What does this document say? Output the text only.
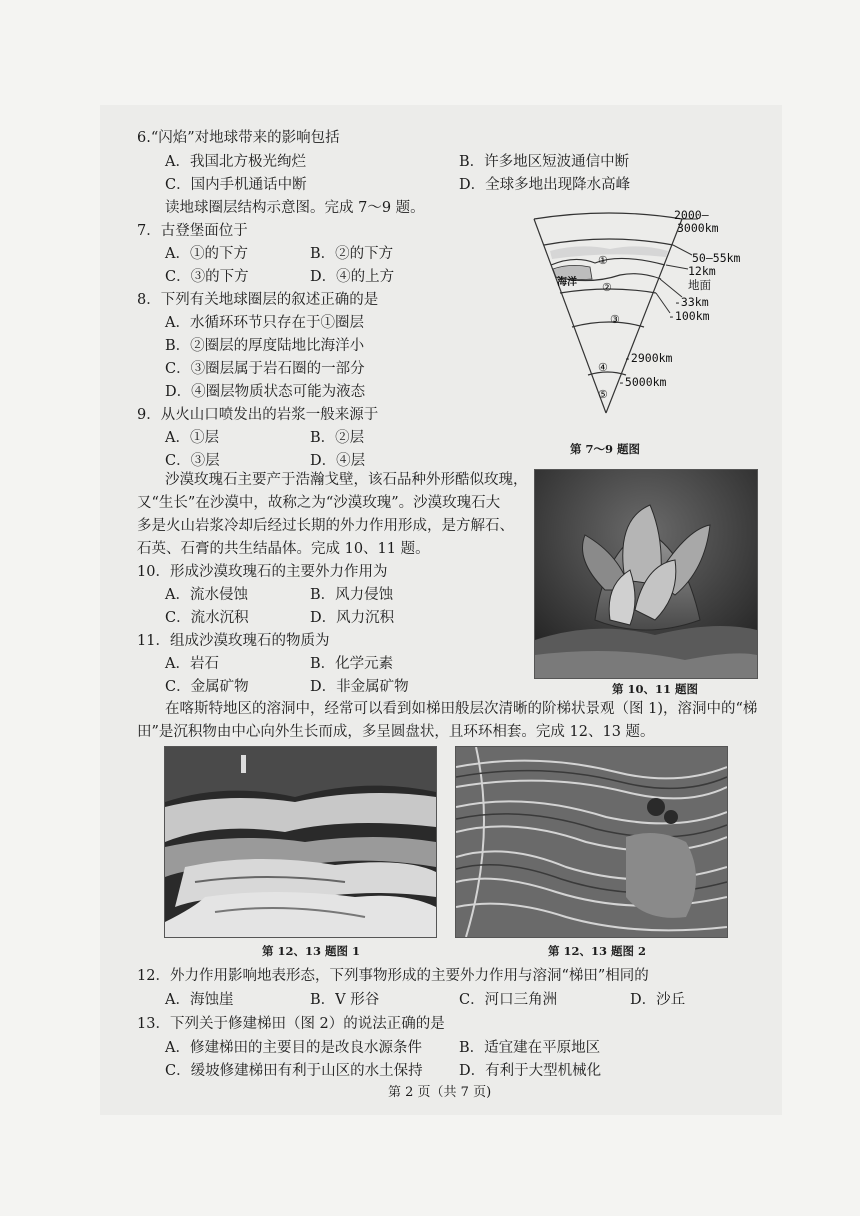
6.“闪焰”对地球带来的影响包括
A．我国北方极光绚烂	B．许多地区短波通信中断
C．国内手机通话中断	D．全球多地出现降水高峰
读地球圈层结构示意图。完成 7～9 题。
7．古登堡面位于
A．①的下方	B．②的下方
C．③的下方	D．④的上方
8．下列有关地球圈层的叙述正确的是
A．水循环环节只存在于①圈层
B．②圈层的厚度陆地比海洋小
C．③圈层属于岩石圈的一部分
D．④圈层物质状态可能为液态
9．从火山口喷发出的岩浆一般来源于
A．①层	B．②层
C．③层	D．④层
①
海洋 ②
③
④
⑤
2000—
3000km
50—55km
12km
地面
-33km
-100km
-2900km
-5000km
第 7～9 题图
沙漠玫瑰石主要产于浩瀚戈壁，该石品种外形酷似玫瑰，
又“生长”在沙漠中，故称之为“沙漠玫瑰”。沙漠玫瑰石大
多是火山岩浆冷却后经过长期的外力作用形成，是方解石、
石英、石膏的共生结晶体。完成 10、11 题。
10．形成沙漠玫瑰石的主要外力作用为
A．流水侵蚀	B．风力侵蚀
C．流水沉积	D．风力沉积
11．组成沙漠玫瑰石的物质为
A．岩石	B．化学元素
C．金属矿物	D．非金属矿物	第 10、11 题图
在喀斯特地区的溶洞中，经常可以看到如梯田般层次清晰的阶梯状景观（图 1)，溶洞中的“梯
田”是沉积物由中心向外生长而成，多呈圆盘状，且环环相套。完成 12、13 题。
第 12、13 题图 1	第 12、13 题图 2
12．外力作用影响地表形态，下列事物形成的主要外力作用与溶洞“梯田”相同的
A．海蚀崖	B．V 形谷	C．河口三角洲	D．沙丘
13．下列关于修建梯田（图 2）的说法正确的是
A．修建梯田的主要目的是改良水源条件	B．适宜建在平原地区
C．缓坡修建梯田有利于山区的水土保持	D．有利于大型机械化
第 2 页（共 7 页)
